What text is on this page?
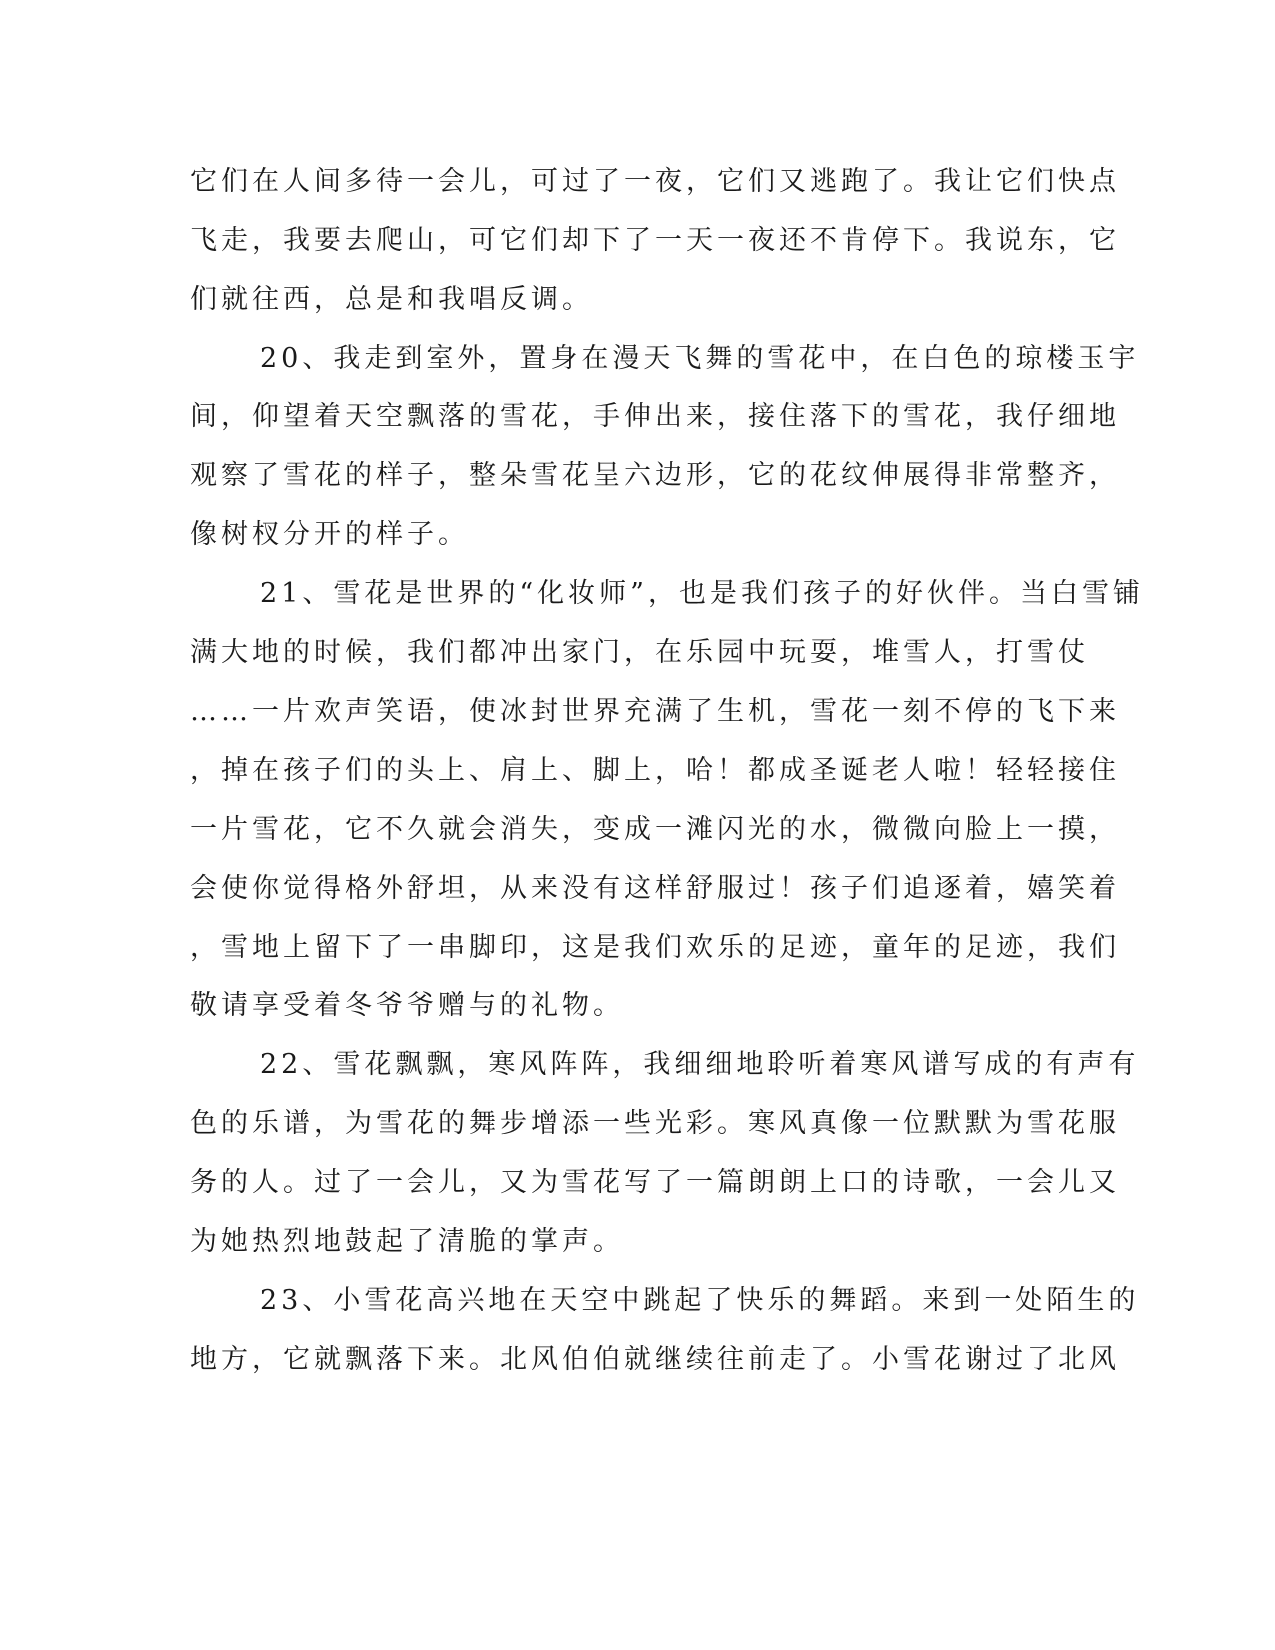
它们在人间多待一会儿，可过了一夜，它们又逃跑了。我让它们快点
飞走，我要去爬山，可它们却下了一天一夜还不肯停下。我说东，它
们就往西，总是和我唱反调。
20、我走到室外，置身在漫天飞舞的雪花中，在白色的琼楼玉宇
间，仰望着天空飘落的雪花，手伸出来，接住落下的雪花，我仔细地
观察了雪花的样子，整朵雪花呈六边形，它的花纹伸展得非常整齐，
像树杈分开的样子。
21、雪花是世界的“化妆师”，也是我们孩子的好伙伴。当白雪铺
满大地的时候，我们都冲出家门，在乐园中玩耍，堆雪人，打雪仗
……一片欢声笑语，使冰封世界充满了生机，雪花一刻不停的飞下来
，掉在孩子们的头上、肩上、脚上，哈！都成圣诞老人啦！轻轻接住
一片雪花，它不久就会消失，变成一滩闪光的水，微微向脸上一摸，
会使你觉得格外舒坦，从来没有这样舒服过！孩子们追逐着，嬉笑着
，雪地上留下了一串脚印，这是我们欢乐的足迹，童年的足迹，我们
敬请享受着冬爷爷赠与的礼物。
22、雪花飘飘，寒风阵阵，我细细地聆听着寒风谱写成的有声有
色的乐谱，为雪花的舞步增添一些光彩。寒风真像一位默默为雪花服
务的人。过了一会儿，又为雪花写了一篇朗朗上口的诗歌，一会儿又
为她热烈地鼓起了清脆的掌声。
23、小雪花高兴地在天空中跳起了快乐的舞蹈。来到一处陌生的
地方，它就飘落下来。北风伯伯就继续往前走了。小雪花谢过了北风
